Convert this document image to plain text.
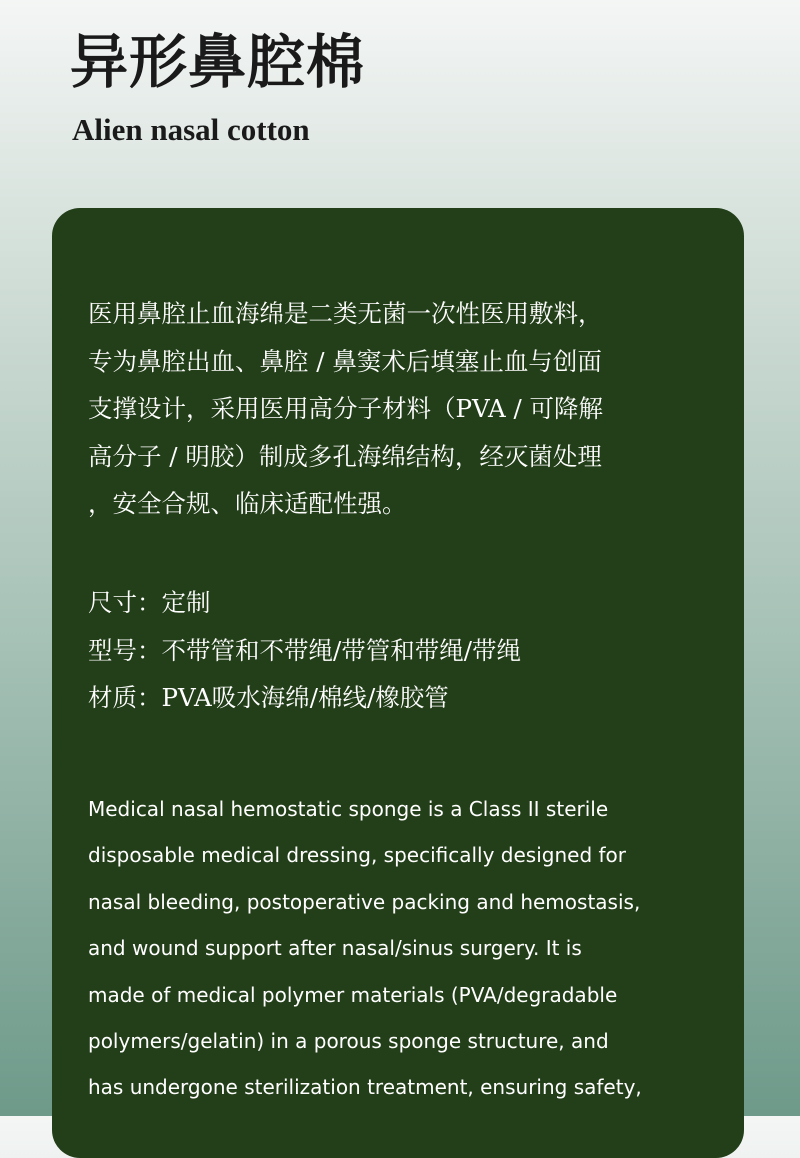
异形鼻腔棉
Alien nasal cotton

医用鼻腔止血海绵是二类无菌一次性医用敷料，
专为鼻腔出血、鼻腔 / 鼻窦术后填塞止血与创面
支撑设计，采用医用高分子材料（PVA / 可降解
高分子 / 明胶）制成多孔海绵结构，经灭菌处理
，安全合规、临床适配性强。

尺寸：定制
型号：不带管和不带绳/带管和带绳/带绳
材质：PVA吸水海绵/棉线/橡胶管

Medical nasal hemostatic sponge is a Class II sterile
disposable medical dressing, specifically designed for
nasal bleeding, postoperative packing and hemostasis,
and wound support after nasal/sinus surgery. It is
made of medical polymer materials (PVA/degradable
polymers/gelatin) in a porous sponge structure, and
has undergone sterilization treatment, ensuring safety,
